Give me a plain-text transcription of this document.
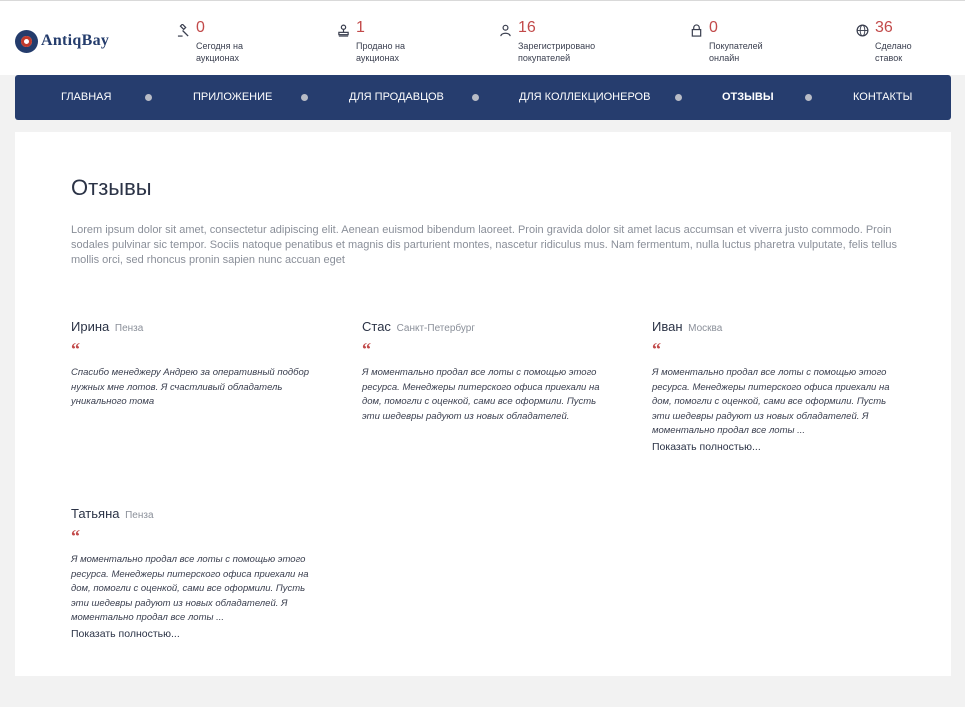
AntiqBay
0
Сегодня на
аукционах
1
Продано на
аукционах
16
Зарегистрировано
покупателей
0
Покупателей
онлайн
36
Сделано
ставок
ГЛАВНАЯ	ПРИЛОЖЕНИЕ	ДЛЯ ПРОДАВЦОВ	ДЛЯ КОЛЛЕКЦИОНЕРОВ	ОТЗЫВЫ	КОНТАКТЫ
Отзывы

Lorem ipsum dolor sit amet, consectetur adipiscing elit. Aenean euismod bibendum laoreet. Proin gravida dolor sit amet lacus accumsan et viverra justo commodo. Proin sodales pulvinar sic tempor. Sociis natoque penatibus et magnis dis parturient montes, nascetur ridiculus mus. Nam fermentum, nulla luctus pharetra vulputate, felis tellus mollis orci, sed rhoncus pronin sapien nunc accuan eget

Ирина Пенза
“

Спасибо менеджеру Андрею за оперативный подбор нужных мне лотов. Я счастливый обладатель уникального тома

Стас Санкт-Петербург
“

Я моментально продал все лоты с помощью этого ресурса. Менеджеры питерского офиса приехали на дом, помогли с оценкой, сами все оформили. Пусть эти шедевры радуют из новых обладателей.

Иван Москва
“

Я моментально продал все лоты с помощью этого ресурса. Менеджеры питерского офиса приехали на дом, помогли с оценкой, сами все оформили. Пусть эти шедевры радуют из новых обладателей. Я моментально продал все лоты ...

Показать полностью...
Татьяна Пенза
“

Я моментально продал все лоты с помощью этого ресурса. Менеджеры питерского офиса приехали на дом, помогли с оценкой, сами все оформили. Пусть эти шедевры радуют из новых обладателей. Я моментально продал все лоты ...

Показать полностью...
